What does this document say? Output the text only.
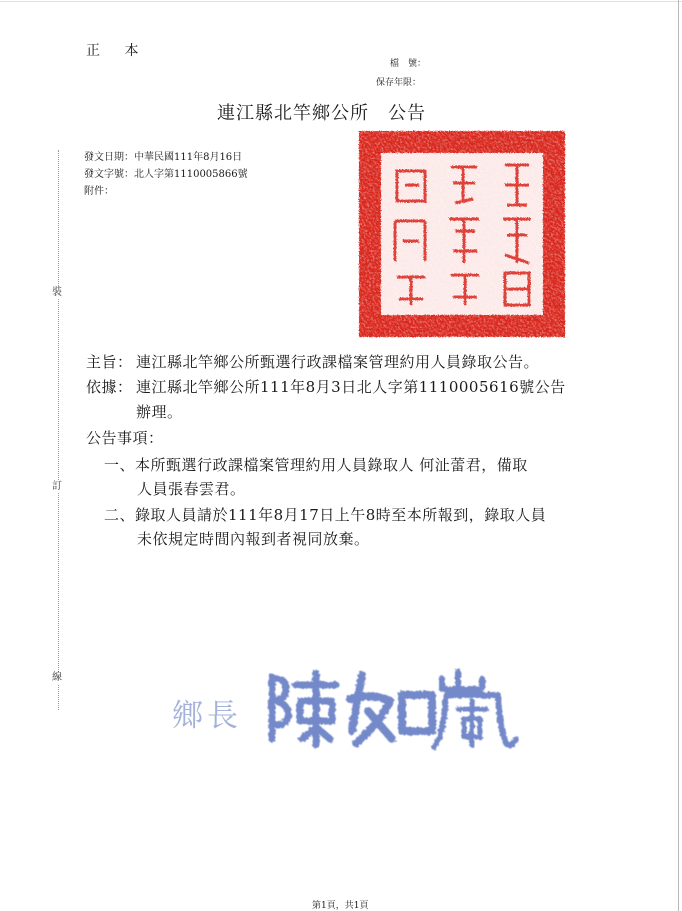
裝
訂
線
正 本
檔　號：
保存年限：
連江縣北竿鄉公所　公告
發文日期：中華民國111年8月16日
發文字號：北人字第1110005866號
附件：
主旨： 連江縣北竿鄉公所甄選行政課檔案管理約用人員錄取公告。
依據： 連江縣北竿鄉公所111年8月3日北人字第1110005616號公告
辦理。
公告事項：
一、本所甄選行政課檔案管理約用人員錄取人 何沚蕾君，備取
人員張春雲君。
二、錄取人員請於111年8月17日上午8時至本所報到，錄取人員
未依規定時間內報到者視同放棄。
鄉長
第1頁，共1頁
